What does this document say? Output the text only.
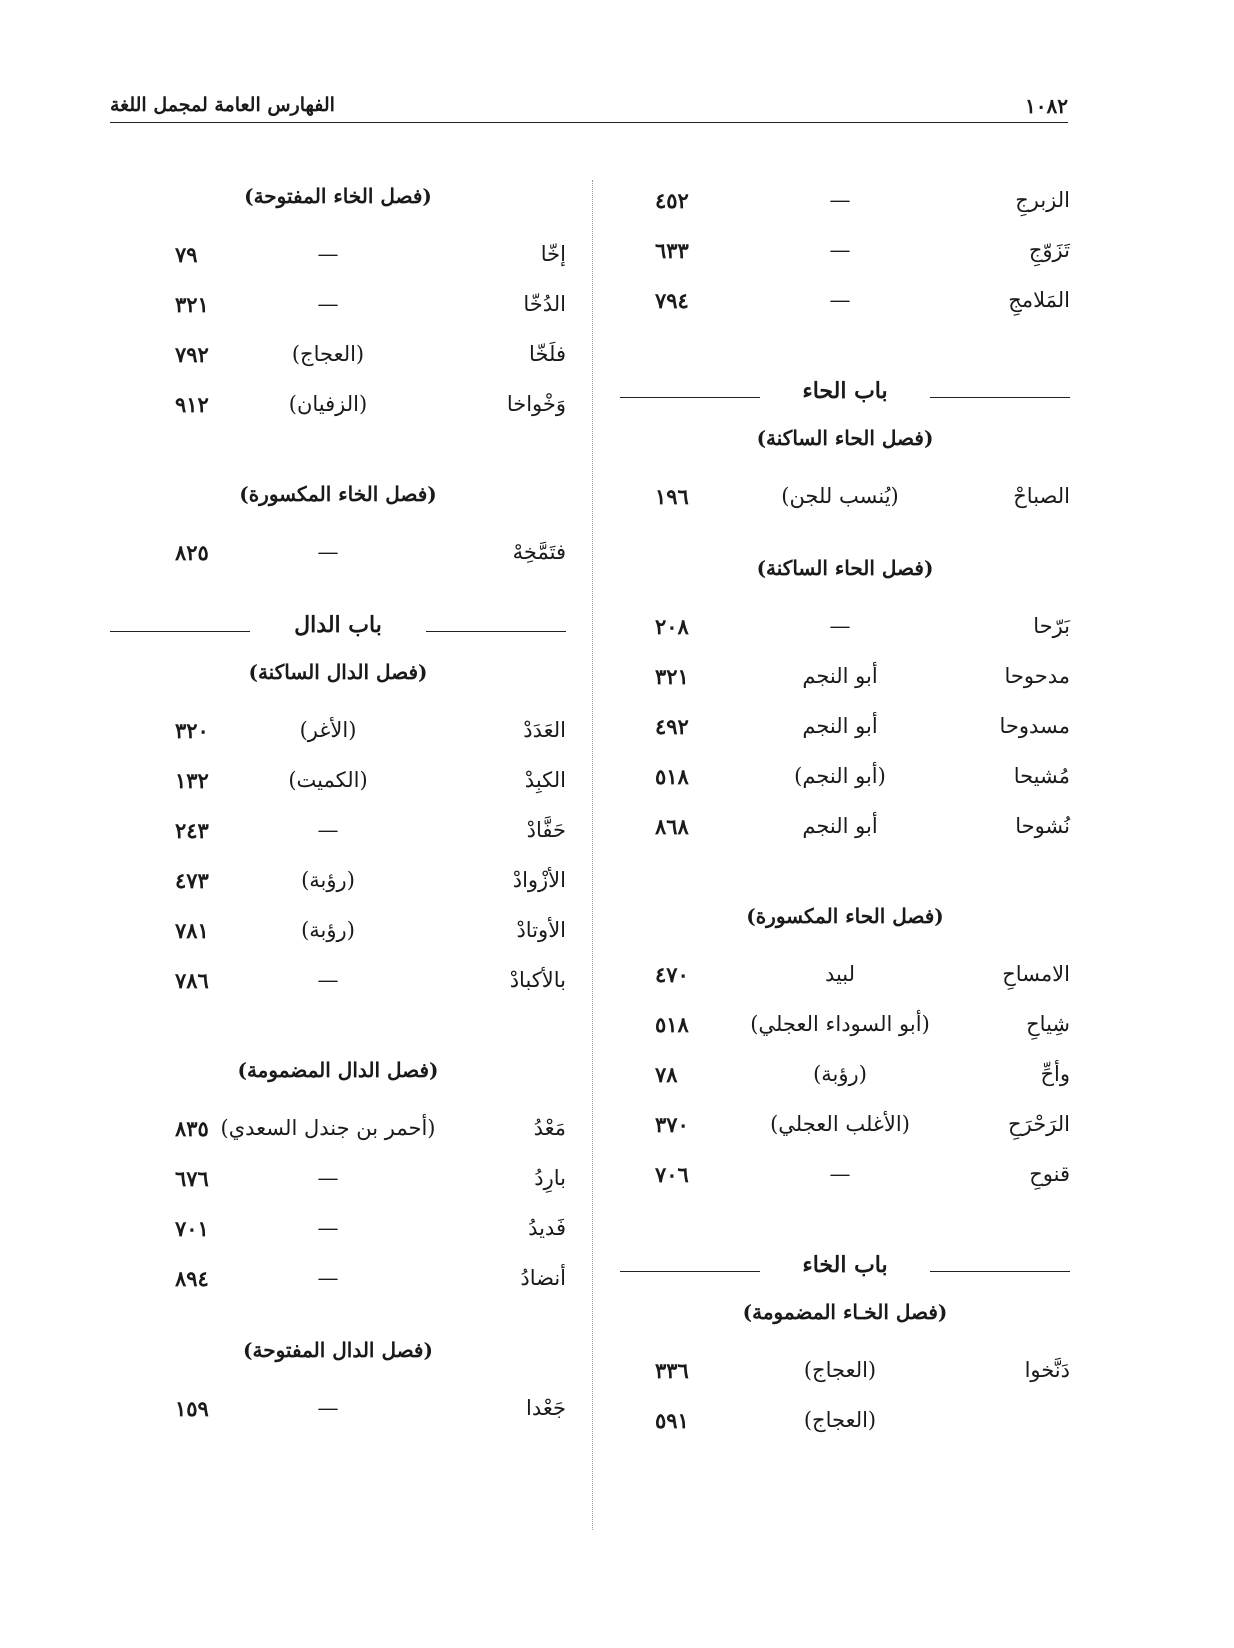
١٠٨٢
الفهارس العامة لمجمل اللغة
الزبرجِ
—
٤٥٢
تَزَوّجِ
—
٦٣٣
المَلامجِ
—
٧٩٤
باب الحاء
(فصل الحاء الساكنة)
الصباحْ
(يُنسب للجن)
١٩٦
(فصل الحاء الساكنة)
بَرّحا
—
٢٠٨
مدحوحا
أبو النجم
٣٢١
مسدوحا
أبو النجم
٤٩٢
مُشيحا
(أبو النجم)
٥١٨
نُشوحا
أبو النجم
٨٦٨
(فصل الحاء المكسورة)
الامساحِ
لبيد
٤٧٠
شِياحِ
(أبو السوداء العجلي)
٥١٨
وأحِّ
(رؤبة)
٧٨
الرَحْرَحِ
(الأغلب العجلي)
٣٧٠
قنوحِ
—
٧٠٦
باب الخاء
(فصل الخـاء المضمومة)
دَنَّخوا
(العجاج)
٣٣٦
(العجاج)
٥٩١
(فصل الخاء المفتوحة)
إخّا
—
٧٩
الدُخّا
—
٣٢١
فلَخّا
(العجاج)
٧٩٢
وَخْواخا
(الزفيان)
٩١٢
(فصل الخاء المكسورة)
فتَمَّخِهْ
—
٨٢٥
باب الدال
(فصل الدال الساكنة)
العَدَدْ
(الأغر)
٣٢٠
الكبِدْ
(الكميت)
١٣٢
حَفَّادْ
—
٢٤٣
الأزْوادْ
(رؤبة)
٤٧٣
الأوتادْ
(رؤبة)
٧٨١
بالأكبادْ
—
٧٨٦
(فصل الدال المضمومة)
مَعْدُ
(أحمر بن جندل السعدي)
٨٣٥
بارِدُ
—
٦٧٦
فَديدُ
—
٧٠١
أنضادُ
—
٨٩٤
(فصل الدال المفتوحة)
جَعْدا
—
١٥٩
